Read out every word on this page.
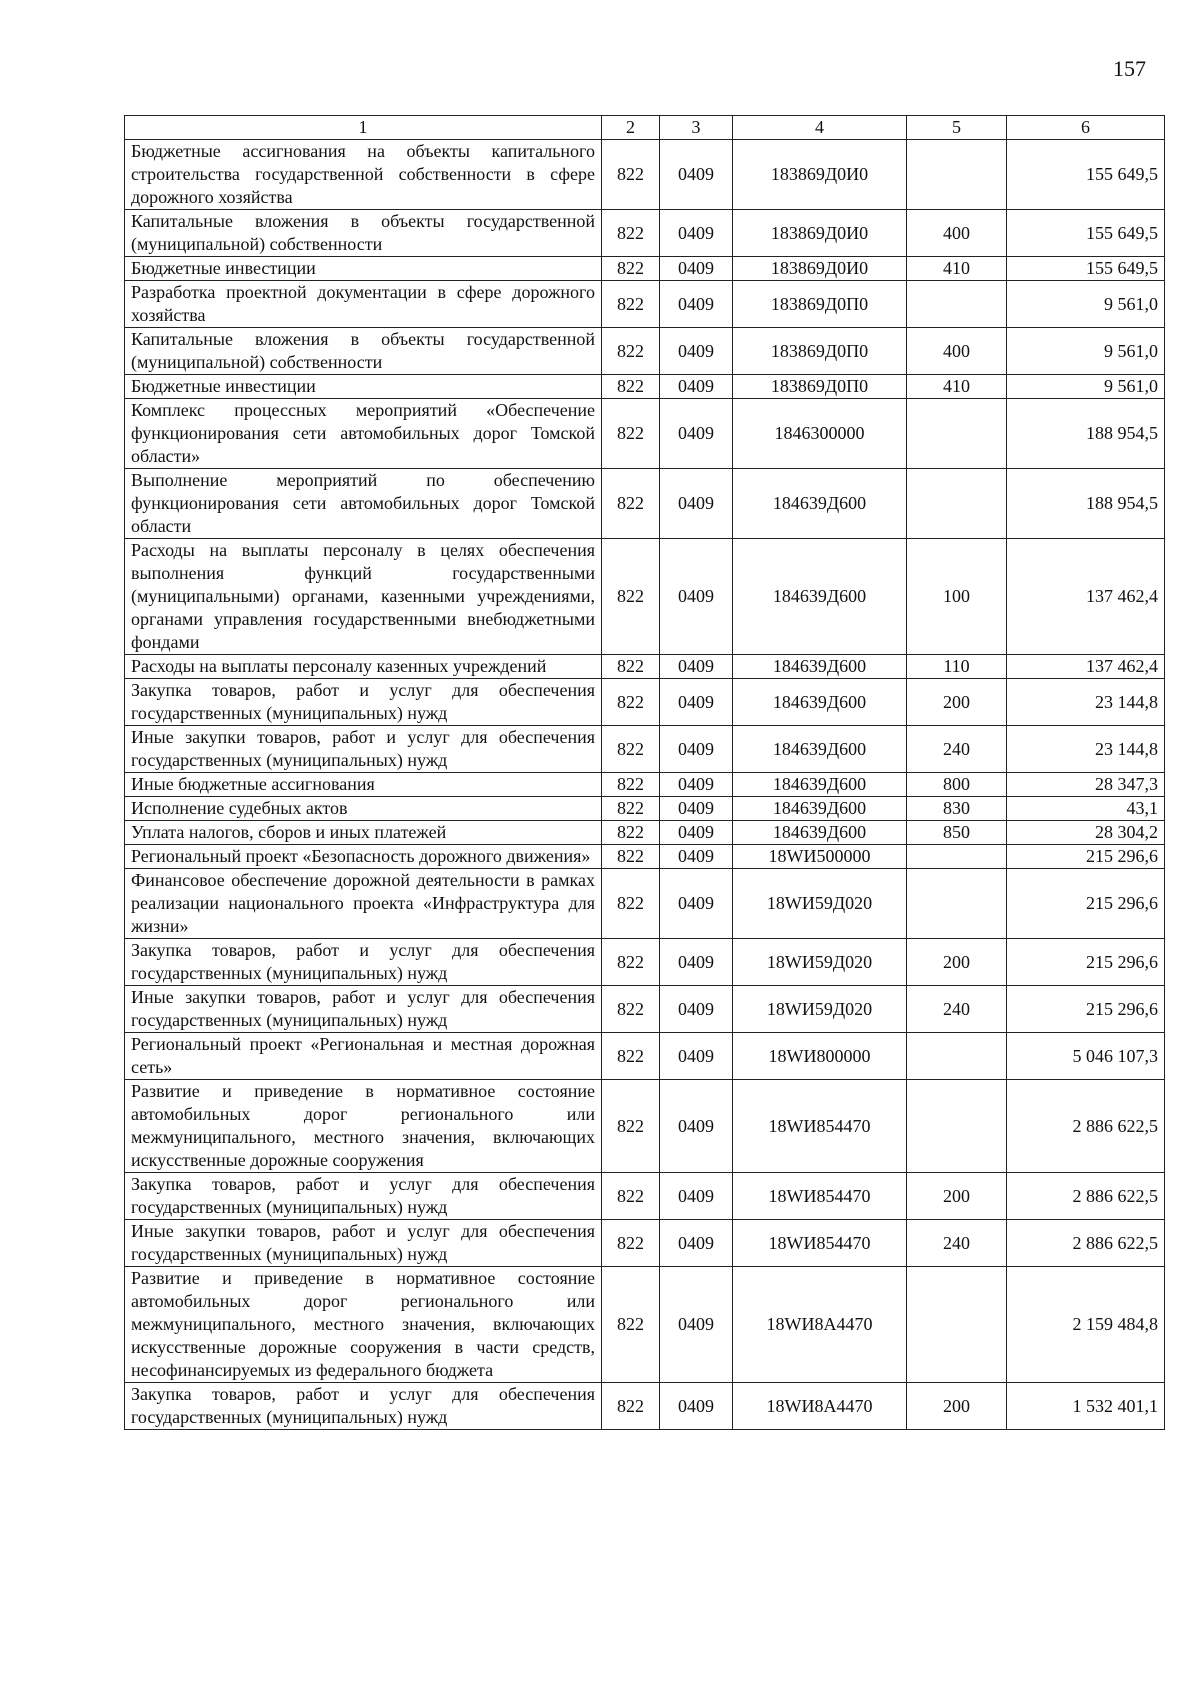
157
1	2	3	4	5	6
Бюджетные ассигнования на объекты капитального строительства государственной собственности в сфере дорожного хозяйства	822	0409	183869Д0И0		155 649,5
Капитальные вложения в объекты государственной (муниципальной) собственности	822	0409	183869Д0И0	400	155 649,5
Бюджетные инвестиции	822	0409	183869Д0И0	410	155 649,5
Разработка проектной документации в сфере дорожного хозяйства	822	0409	183869Д0П0		9 561,0
Капитальные вложения в объекты государственной (муниципальной) собственности	822	0409	183869Д0П0	400	9 561,0
Бюджетные инвестиции	822	0409	183869Д0П0	410	9 561,0
Комплекс процессных мероприятий «Обеспечение функционирования сети автомобильных дорог Томской области»	822	0409	1846300000		188 954,5
Выполнение мероприятий по обеспечению функционирования сети автомобильных дорог Томской области	822	0409	184639Д600		188 954,5
Расходы на выплаты персоналу в целях обеспечения выполнения функций государственными (муниципальными) органами, казенными учреждениями, органами управления государственными внебюджетными фондами	822	0409	184639Д600	100	137 462,4
Расходы на выплаты персоналу казенных учреждений	822	0409	184639Д600	110	137 462,4
Закупка товаров, работ и услуг для обеспечения государственных (муниципальных) нужд	822	0409	184639Д600	200	23 144,8
Иные закупки товаров, работ и услуг для обеспечения государственных (муниципальных) нужд	822	0409	184639Д600	240	23 144,8
Иные бюджетные ассигнования	822	0409	184639Д600	800	28 347,3
Исполнение судебных актов	822	0409	184639Д600	830	43,1
Уплата налогов, сборов и иных платежей	822	0409	184639Д600	850	28 304,2
Региональный проект «Безопасность дорожного движения»	822	0409	18WИ500000		215 296,6
Финансовое обеспечение дорожной деятельности в рамках реализации национального проекта «Инфраструктура для жизни»	822	0409	18WИ59Д020		215 296,6
Закупка товаров, работ и услуг для обеспечения государственных (муниципальных) нужд	822	0409	18WИ59Д020	200	215 296,6
Иные закупки товаров, работ и услуг для обеспечения государственных (муниципальных) нужд	822	0409	18WИ59Д020	240	215 296,6
Региональный проект «Региональная и местная дорожная сеть»	822	0409	18WИ800000		5 046 107,3
Развитие и приведение в нормативное состояние автомобильных дорог регионального или межмуниципального, местного значения, включающих искусственные дорожные сооружения	822	0409	18WИ854470		2 886 622,5
Закупка товаров, работ и услуг для обеспечения государственных (муниципальных) нужд	822	0409	18WИ854470	200	2 886 622,5
Иные закупки товаров, работ и услуг для обеспечения государственных (муниципальных) нужд	822	0409	18WИ854470	240	2 886 622,5
Развитие и приведение в нормативное состояние автомобильных дорог регионального или межмуниципального, местного значения, включающих искусственные дорожные сооружения в части средств, несофинансируемых из федерального бюджета	822	0409	18WИ8А4470		2 159 484,8
Закупка товаров, работ и услуг для обеспечения государственных (муниципальных) нужд	822	0409	18WИ8А4470	200	1 532 401,1
